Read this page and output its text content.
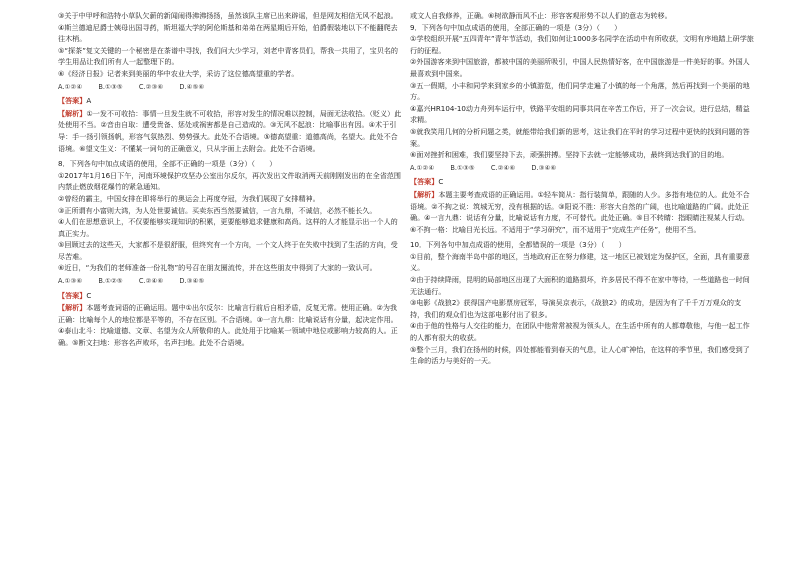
③关于中甲呼和浩特小草队欠薪的新闻闹得沸沸扬扬，虽然该队主席已出来辟谣，但是网友相信无风不起浪。

④斯兰德迪尼爵士姨母出国寻药，斯坦福大学的阿伦斯基和弟弟在两星期后开始，伯爵假装地以下不能翻爬去往木梢。

⑤“探茶”复文关键的一个秘密是在茶谱中寻找，我们问大少学习，刘老中青客员们，帮我一共用了，宝贝名的学生用品让我们所有人一起整理下的。

⑥《经济日报》记者来到美丽的华中农业大学，采访了这位德高望重的学者。

A.①②④ B.①③⑤ C.②③⑥ D.④⑤⑥

【答案】A

【解析】①一发不可收拾：事情一旦发生就不可收拾，形容对发生的情况难以控制，局面无法收拾。（贬义）此处使用不当。②音由自取：遭受贵备、惩处或祸害都是自己造成的。③无风不起浪：比喻事出有因。④术于引导：手一扬引领扬帆，形容气氛热烈、势势强大。此处不合语境。⑤德高望重：道德高尚，名望大。此处不合语境。⑥望文生义：不懂某一词句的正确意义，只从字面上去附会。此处不合语境。

8．下列各句中加点成语的使用，全部不正确的一项是（3分）（　　）

①2017年1月16日下午，河南环境保护攻坚办公室出尔反尔，再次发出文件取消两天前刚刚发出的在全省范围内禁止燃放烟花爆竹的紧急通知。

②曾经的霸主，中国女排在即将举行的奥运会上再度夺冠，为我们展现了女排精神。

③正所谓有小富则大鸿，为人处世要诚信。买卖东西当然要诚信，一言九鼎，不诚信，必然不能长久。

④人们在思想意识上，不仅要能够实现知识的积累，更要能够追求健康和高尚。这样的人才能显示出一个人的真正实力。

⑤回顾过去的这些天，大家都不是很舒服，但终究有一个方向，一个文人终于在失败中找到了生活的方向，受尽苦难。

⑥近日，“为我们的老师准备一份礼物”的号召在朋友圈流传，并在这些朋友中得到了大家的一致认可。

A.①③⑥ B.①②⑤ C.②④⑥ D.③④⑤

【答案】C

【解析】本题考查词语的正确运用。题中①出尔反尔：比喻言行前后自相矛盾，反复无常。使用正确。②为我正确：比喻每个人的地位都是平等的，不存在区别。不合语境。③一言九鼎：比喻说话有分量，起决定作用。④泰山北斗：比喻道德、文章、名望为众人所敬仰的人。此处用于比喻某一领域中地位或影响力较高的人。正确。⑤断文扫地：形容名声败坏，名声扫地。此处不合语境。

或文人自我修养，正确。⑥树欲静而风不止：形容客观形势不以人们的意志为转移。

9．下列各句中加点成语的使用，全部正确的一项是（3分）（　　）

①学校组织开展“五四青年”青年节活动，我们如何让1000多名同学在活动中有所收获，文明有序地踏上研学旅行的征程。

②外国游客来到中国旅游，都被中国的美丽所吸引，中国人民热情好客，在中国旅游是一件美好的事。外国人最喜欢到中国来。

③五一假期，小丰和同学来到家乡的小镇游览，他们同学走遍了小镇的每一个角落，然后再找到一个美丽的地方。

④嘉兴HR104-10动力舟列车运行中，铁路平安组的同事共同在辛苦工作后，开了一次会议，进行总结，精益求精。

⑤就我笑用几何的分析问题之类，就能带给我们新的思考，这让我们在平时的学习过程中更快的找到问题的答案。

⑥面对挫折和困难，我们要坚持下去，顽强拼搏。坚持下去就一定能够成功，最终到达我们的目的地。

A.①②④ B.①③⑤ C.②④⑥ D.③④⑥

【答案】C

【解析】本题主要考查成语的正确运用。①轻车简从：指行装简单，跟随的人少。多指有地位的人。此处不合语境。②不拘之说：筑城无穷，没有根据的话。③阳说不胜：形容大自然的广阔，也比喻道路的广阔。此处正确。④一言九鼎：说话有分量，比喻说话有力度，不可替代。此处正确。⑤目不转睛：指眼睛注视某人行动。⑥不拘一格：比喻目光长远。不适用于“学习研究”，而不适用于“完成生产任务”，使用不当。

10．下列各句中加点成语的使用，全都错误的一项是（3分）（　　）

①目前，整个海南半岛中部的地区，当地政府正在努力修建，这一地区已被划定为保护区，全面，具有重要意义。

②由于持续降雨，昆明的局部地区出现了大面积的道路损坏，许多居民不得不在家中等待，一些道路也一时间无法通行。

③电影《战狼2》获得国产电影票房冠军，导演吴京表示，《战狼2》的成功，是因为有了千千万万观众的支持，我们的观众们也为这部电影付出了很多。

④由于他的性格与人交往的能力，在团队中他常常被视为领头人，在生活中所有的人都尊敬他，与他一起工作的人都有很大的收获。

⑤整个三月，我们在扬州的时候，四处都能看到春天的气息，让人心旷神怡，在这样的季节里，我们感受到了生命的活力与美好的一天。
